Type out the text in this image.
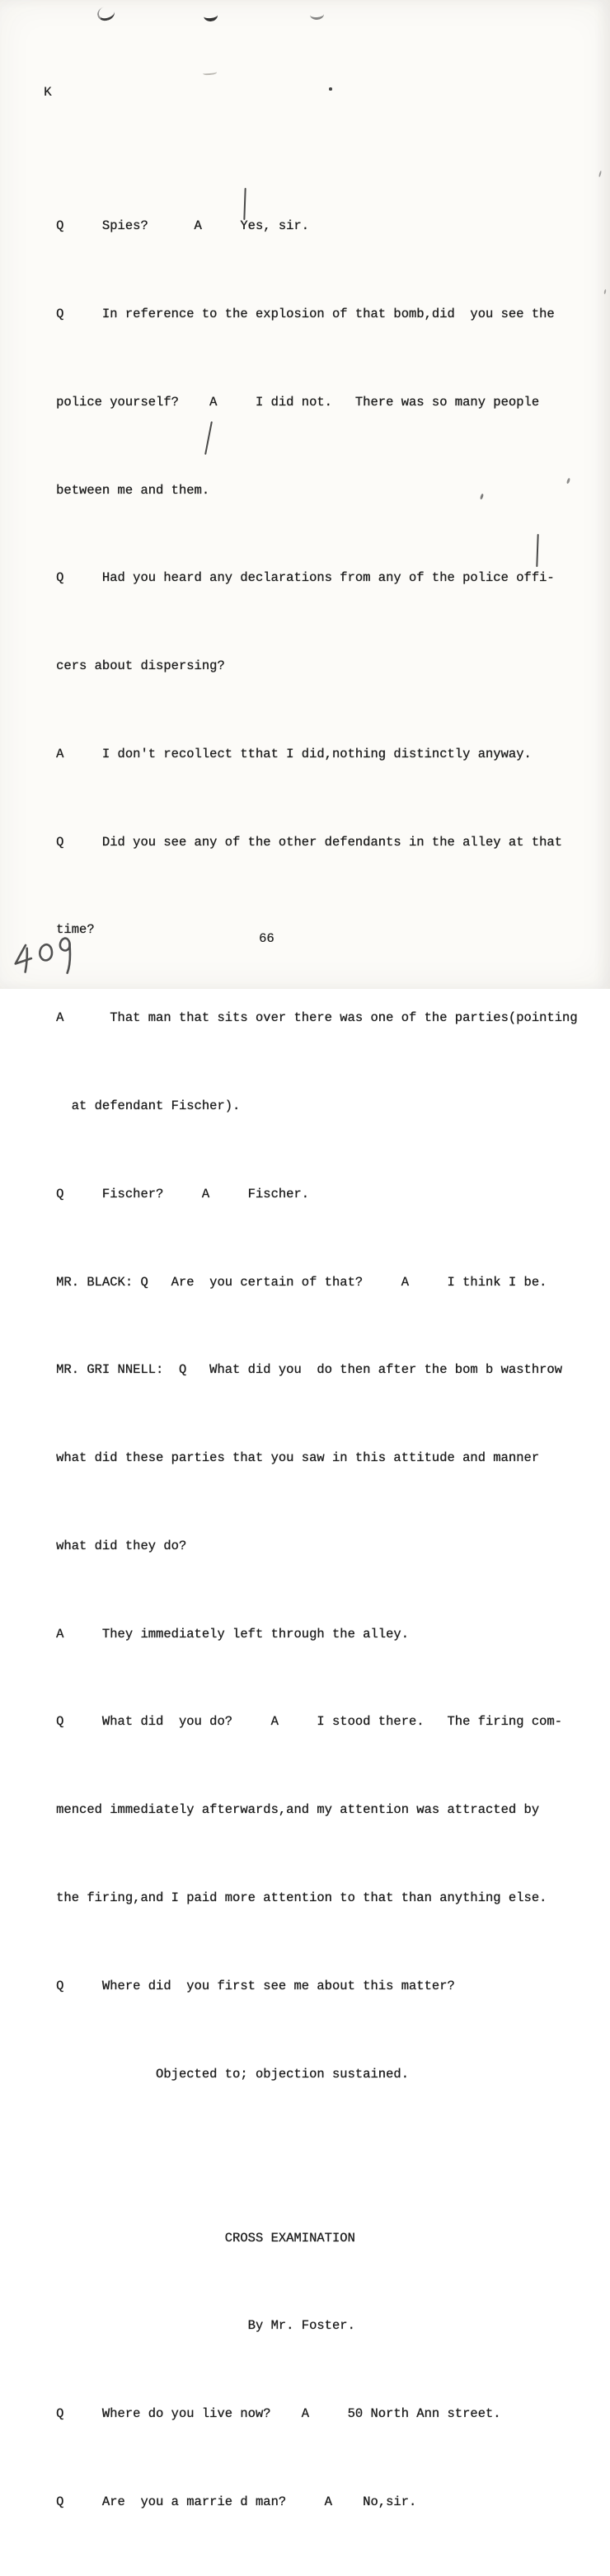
K

Q     Spies?      A     Yes, sir.

Q     In reference to the explosion of that bomb,did  you see the

police yourself?    A     I did not.   There was so many people

between me and them.

Q     Had you heard any declarations from any of the police offi-

cers about dispersing?

A     I don't recollect tthat I did,nothing distinctly anyway.

Q     Did you see any of the other defendants in the alley at that

time?

A      That man that sits over there was one of the parties(pointing

at defendant Fischer).

Q     Fischer?     A     Fischer.

MR. BLACK: Q   Are  you certain of that?     A     I think I be.

MR. GRI NNELL:  Q   What did you  do then after the bom b wasthrow

what did these parties that you saw in this attitude and manner

what did they do?

A     They immediately left through the alley.

Q     What did  you do?     A     I stood there.   The firing com-

menced immediately afterwards,and my attention was attracted by

the firing,and I paid more attention to that than anything else.

Q     Where did  you first see me about this matter?

Objected to; objection sustained.

CROSS EXAMINATION

By Mr. Foster.

Q     Where do you live now?    A     50 North Ann street.

Q     Are  you a marrie d man?     A    No,sir.

66
